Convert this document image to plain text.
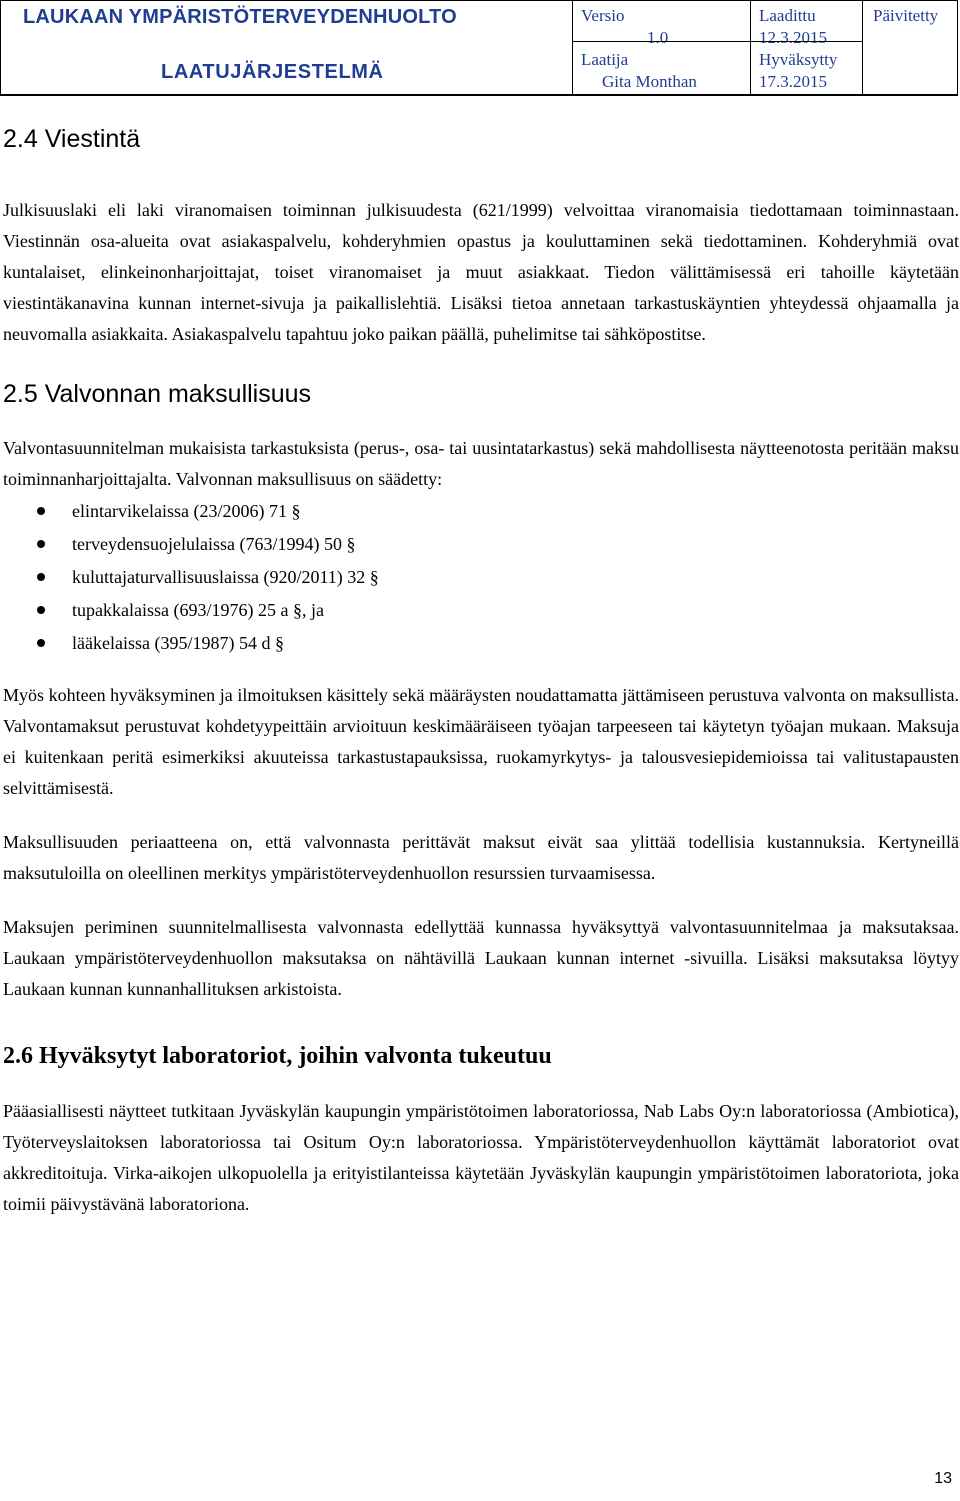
LAUKAAN YMPÄRISTÖTERVEYDENHUOLTO
LAATUJÄRJESTELMÄ
Versio
1.0
Laatija
Gita Monthan
Laadittu
12.3.2015
Hyväksytty
17.3.2015
Päivitetty
2.4 Viestintä

Julkisuuslaki eli laki viranomaisen toiminnan julkisuudesta (621/1999) velvoittaa viranomaisia tiedottamaan toiminnastaan. Viestinnän osa-alueita ovat asiakaspalvelu, kohderyhmien opastus ja kouluttaminen sekä tiedottaminen. Kohderyhmiä ovat kuntalaiset, elinkeinonharjoittajat, toiset viranomaiset ja muut asiakkaat. Tiedon välittämisessä eri tahoille käytetään viestintäkanavina kunnan internet-sivuja ja paikallislehtiä. Lisäksi tietoa annetaan tarkastuskäyntien yhteydessä ohjaamalla ja neuvomalla asiakkaita. Asiakaspalvelu tapahtuu joko paikan päällä, puhelimitse tai sähköpostitse.

2.5 Valvonnan maksullisuus

Valvontasuunnitelman mukaisista tarkastuksista (perus-, osa- tai uusintatarkastus) sekä mahdollisesta näytteenotosta peritään maksu toiminnanharjoittajalta. Valvonnan maksullisuus on säädetty:

elintarvikelaissa (23/2006) 71 §
terveydensuojelulaissa (763/1994) 50 §
kuluttajaturvallisuuslaissa (920/2011) 32 §
tupakkalaissa (693/1976) 25 a §, ja
lääkelaissa (395/1987) 54 d §

Myös kohteen hyväksyminen ja ilmoituksen käsittely sekä määräysten noudattamatta jättämiseen perustuva valvonta on maksullista. Valvontamaksut perustuvat kohdetyypeittäin arvioituun keskimääräiseen työajan tarpeeseen tai käytetyn työajan mukaan. Maksuja ei kuitenkaan peritä esimerkiksi akuuteissa tarkastustapauksissa, ruokamyrkytys- ja talousvesiepidemioissa tai valitustapausten selvittämisestä.

Maksullisuuden periaatteena on, että valvonnasta perittävät maksut eivät saa ylittää todellisia kustannuksia. Kertyneillä maksutuloilla on oleellinen merkitys ympäristöterveydenhuollon resurssien turvaamisessa.

Maksujen periminen suunnitelmallisesta valvonnasta edellyttää kunnassa hyväksyttyä valvontasuunnitelmaa ja maksutaksaa. Laukaan ympäristöterveydenhuollon maksutaksa on nähtävillä Laukaan kunnan internet -sivuilla. Lisäksi maksutaksa löytyy Laukaan kunnan kunnanhallituksen arkistoista.

2.6 Hyväksytyt laboratoriot, joihin valvonta tukeutuu

Pääasiallisesti näytteet tutkitaan Jyväskylän kaupungin ympäristötoimen laboratoriossa, Nab Labs Oy:n laboratoriossa (Ambiotica), Työterveyslaitoksen laboratoriossa tai Ositum Oy:n laboratoriossa. Ympäristöterveydenhuollon käyttämät laboratoriot ovat akkreditoituja. Virka-aikojen ulkopuolella ja erityistilanteissa käytetään Jyväskylän kaupungin ympäristötoimen laboratoriota, joka toimii päivystävänä laboratoriona.

13
